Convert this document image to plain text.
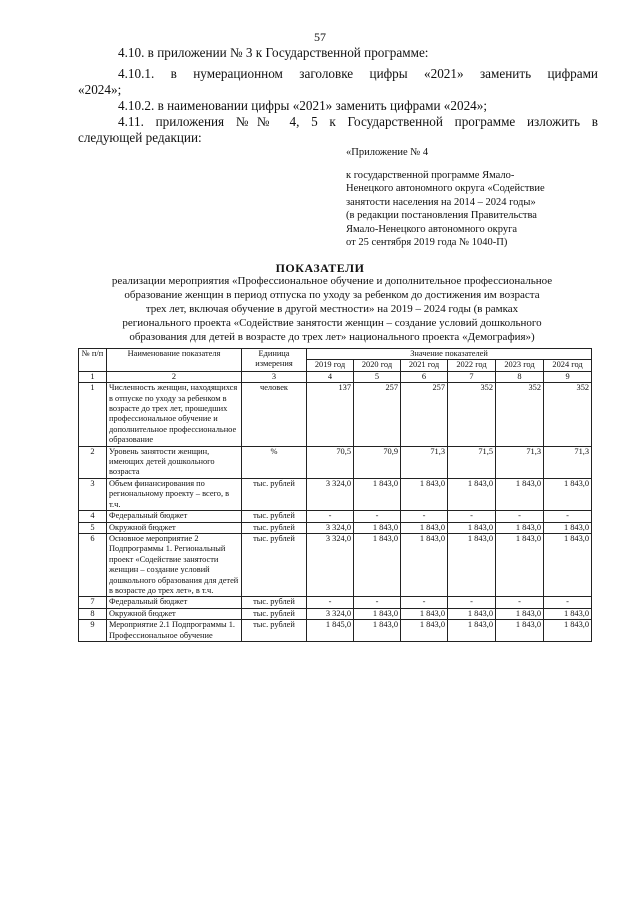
57
4.10. в приложении № 3 к Государственной программе:
4.10.1. в нумерационном заголовке цифры «2021» заменить цифрами
«2024»;
4.10.2. в наименовании цифры «2021» заменить цифрами «2024»;
4.11. приложения №№ 4, 5 к Государственной программе изложить в
следующей редакции:
«Приложение № 4
к государственной программе Ямало-
Ненецкого автономного округа «Содействие
занятости населения на 2014 – 2024 годы»
(в редакции постановления Правительства
Ямало-Ненецкого автономного округа
от 25 сентября 2019 года № 1040-П)
ПОКАЗАТЕЛИ
реализации мероприятия «Профессиональное обучение и дополнительное профессиональное
образование женщин в период отпуска по уходу за ребенком до достижения им возраста
трех лет, включая обучение в другой местности» на 2019 – 2024 годы (в рамках
регионального проекта «Содействие занятости женщин – создание условий дошкольного
образования для детей в возрасте до трех лет» национального проекта «Демография»)
№ п/п	Наименование показателя	Единица измерения	Значение показателей					
			2019 год	2020 год	2021 год	2022 год	2023 год	2024 год
1	2	3	4	5	6	7	8	9
1	Численность женщин, находящихся в отпуске по уходу за ребенком в возрасте до трех лет, прошедших профессиональное обучение и дополнительное профессиональное образование	человек	137	257	257	352	352	352
2	Уровень занятости женщин, имеющих детей дошкольного возраста	%	70,5	70,9	71,3	71,5	71,3	71,3
3	Объем финансирования по региональному проекту – всего, в т.ч.	тыс. рублей	3 324,0	1 843,0	1 843,0	1 843,0	1 843,0	1 843,0
4	Федеральный бюджет	тыс. рублей	-	-	-	-	-	-
5	Окружной бюджет	тыс. рублей	3 324,0	1 843,0	1 843,0	1 843,0	1 843,0	1 843,0
6	Основное мероприятие 2 Подпрограммы 1. Региональный проект «Содействие занятости женщин – создание условий дошкольного образования для детей в возрасте до трех лет», в т.ч.	тыс. рублей	3 324,0	1 843,0	1 843,0	1 843,0	1 843,0	1 843,0
7	Федеральный бюджет	тыс. рублей	-	-	-	-	-	-
8	Окружной бюджет	тыс. рублей	3 324,0	1 843,0	1 843,0	1 843,0	1 843,0	1 843,0
9	Мероприятие 2.1 Подпрограммы 1. Профессиональное обучение	тыс. рублей	1 845,0	1 843,0	1 843,0	1 843,0	1 843,0	1 843,0
